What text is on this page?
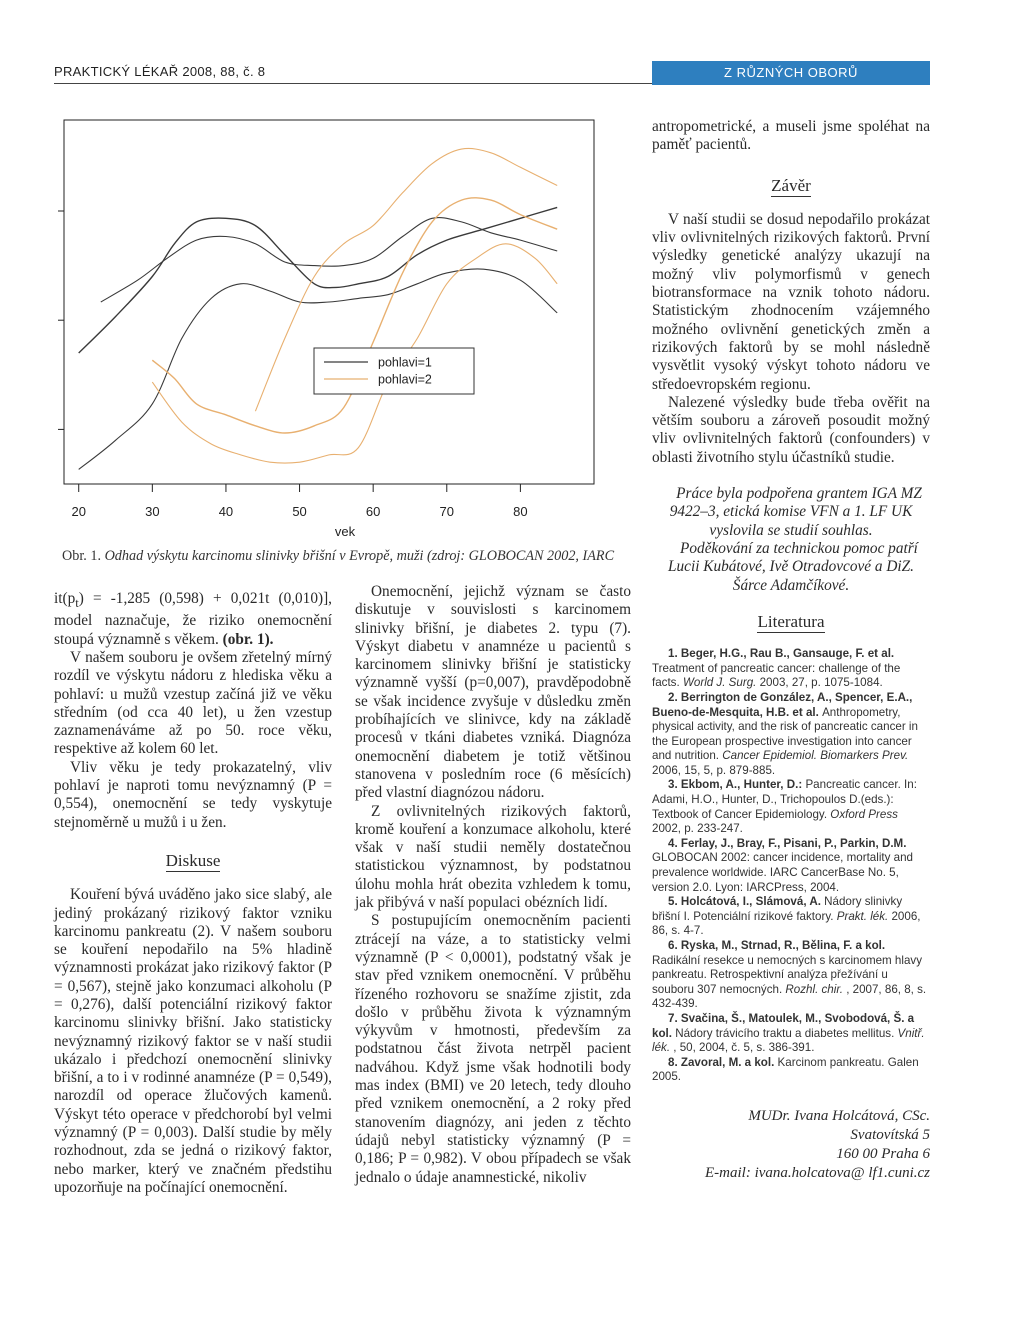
PRAKTICKÝ LÉKAŘ 2008, 88, č. 8	Z RŮZNÝCH OBORŮ
20	30	40	50	60	70	80
vek
pohlavi=1
pohlavi=2
Obr. 1. Odhad výskytu karcinomu slinivky břišní v Evropě, muži (zdroj: GLOBOCAN 2002, IARC

$it(p_t) = -1,285$ (0,598) + 0,021t (0,010)], model naznačuje, že riziko onemocnění stoupá významně s věkem. (obr. 1).

V našem souboru je ovšem zřetelný mírný rozdíl ve výskytu nádoru z hlediska věku a pohlaví: u mužů vzestup začíná již ve věku středním (od cca 40 let), u žen vzestup zaznamenáváme až po 50. roce věku, respektive až kolem 60 let.

Vliv věku je tedy prokazatelný, vliv pohlaví je naproti tomu nevýznamný (P = 0,554), onemocnění se tedy vyskytuje stejnoměrně u mužů i u žen.

Diskuse

Kouření bývá uváděno jako sice slabý, ale jediný prokázaný rizikový faktor vzniku karcinomu pankreatu (2). V našem souboru se kouření nepodařilo na 5% hladině významnosti prokázat jako rizikový faktor (P = 0,567), stejně jako konzumaci alkoholu (P = 0,276), další potenciální rizikový faktor karcinomu slinivky břišní. Jako statisticky nevýznamný rizikový faktor se v naší studii ukázalo i předchozí onemocnění slinivky břišní, a to i v rodinné anamnéze (P = 0,549), narozdíl od operace žlučových kamenů. Výskyt této operace v předchorobí byl velmi významný (P = 0,003). Další studie by měly rozhodnout, zda se jedná o rizikový faktor, nebo marker, který ve značném předstihu upozorňuje na počínající onemocnění.

Onemocnění, jejichž význam se často diskutuje v souvislosti s karcinomem slinivky břišní, je diabetes 2. typu (7). Výskyt diabetu v anamnéze u pacientů s karcinomem slinivky břišní je statisticky významně vyšší (p=0,007), pravděpodobně se však incidence zvyšuje v důsledku změn probíhajících ve slinivce, kdy na základě procesů v tkáni diabetes vzniká. Diagnóza onemocnění diabetem je totiž většinou stanovena v posledním roce (6 měsících) před vlastní diagnózou nádoru.

Z ovlivnitelných rizikových faktorů, kromě kouření a konzumace alkoholu, které však v naší studii neměly dostatečnou statistickou významnost, by podstatnou úlohu mohla hrát obezita vzhledem k tomu, jak přibývá v naší populaci obézních lidí.

S postupujícím onemocněním pacienti ztrácejí na váze, a to statisticky velmi významně (P < 0,0001), podstatný však je stav před vznikem onemocnění. V průběhu řízeného rozhovoru se snažíme zjistit, zda došlo v průběhu života k významným výkyvům v hmotnosti, především za podstatnou část života netrpěl pacient nadváhou. Když jsme však hodnotili body mas index (BMI) ve 20 letech, tedy dlouho před vznikem onemocnění, a 2 roky před stanovením diagnózy, ani jeden z těchto údajů nebyl statisticky významný (P = 0,186; P = 0,982). V obou případech se však jednalo o údaje anamnestické, nikoliv

antropometrické, a museli jsme spoléhat na paměť pacientů.

Závěr

V naší studii se dosud nepodařilo prokázat vliv ovlivnitelných rizikových faktorů. První výsledky genetické analýzy ukazují na možný vliv polymorfismů v genech biotransformace na vznik tohoto nádoru. Statistickým zhodnocením vzájemného možného ovlivnění genetických změn a rizikových faktorů by se mohl následně vysvětlit vysoký výskyt tohoto nádoru ve středoevropském regionu.

Nalezené výsledky bude třeba ověřit na větším souboru a zároveň posoudit možný vliv ovlivnitelných faktorů (confounders) v oblasti životního stylu účastníků studie.

Práce byla podpořena grantem IGA MZ 9422–3, etická komise VFN a 1. LF UK vyslovila se studií souhlas.

Poděkování za technickou pomoc patří Lucii Kubátové, Ivě Otradovcové a DiZ. Šárce Adamčíkové.

Literatura

1. Beger, H.G., Rau B., Gansauge, F. et al. Treatment of pancreatic cancer: challenge of the facts. World J. Surg. 2003, 27, p. 1075-1084.

2. Berrington de González, A., Spencer, E.A., Bueno-de-Mesquita, H.B. et al. Anthropometry, physical activity, and the risk of pancreatic cancer in the European prospective investigation into cancer and nutrition. Cancer Epidemiol. Biomarkers Prev. 2006, 15, 5, p. 879-885.

3. Ekbom, A., Hunter, D.: Pancreatic cancer. In: Adami, H.O., Hunter, D., Trichopoulos D.(eds.): Textbook of Cancer Epidemiology. Oxford Press 2002, p. 233-247.

4. Ferlay, J., Bray, F., Pisani, P., Parkin, D.M. GLOBOCAN 2002: cancer incidence, mortality and prevalence worldwide. IARC CancerBase No. 5, version 2.0. Lyon: IARCPress, 2004.

5. Holcátová, I., Slámová, A. Nádory slinivky břišní I. Potenciální rizikové faktory. Prakt. lék. 2006, 86, s. 4-7.

6. Ryska, M., Strnad, R., Bělina, F. a kol. Radikální resekce u nemocných s karcinomem hlavy pankreatu. Retrospektivní analýza přežívání u souboru 307 nemocných. Rozhl. chir. , 2007, 86, 8, s. 432-439.

7. Svačina, Š., Matoulek, M., Svobodová, Š. a kol. Nádory trávicího traktu a diabetes mellitus. Vnitř. lék. , 50, 2004, č. 5, s. 386-391.

8. Zavoral, M. a kol. Karcinom pankreatu. Galen 2005.

MUDr. Ivana Holcátová, CSc.
Svatovítská 5
160 00 Praha 6
E-mail: ivana.holcatova@ lf1.cuni.cz
